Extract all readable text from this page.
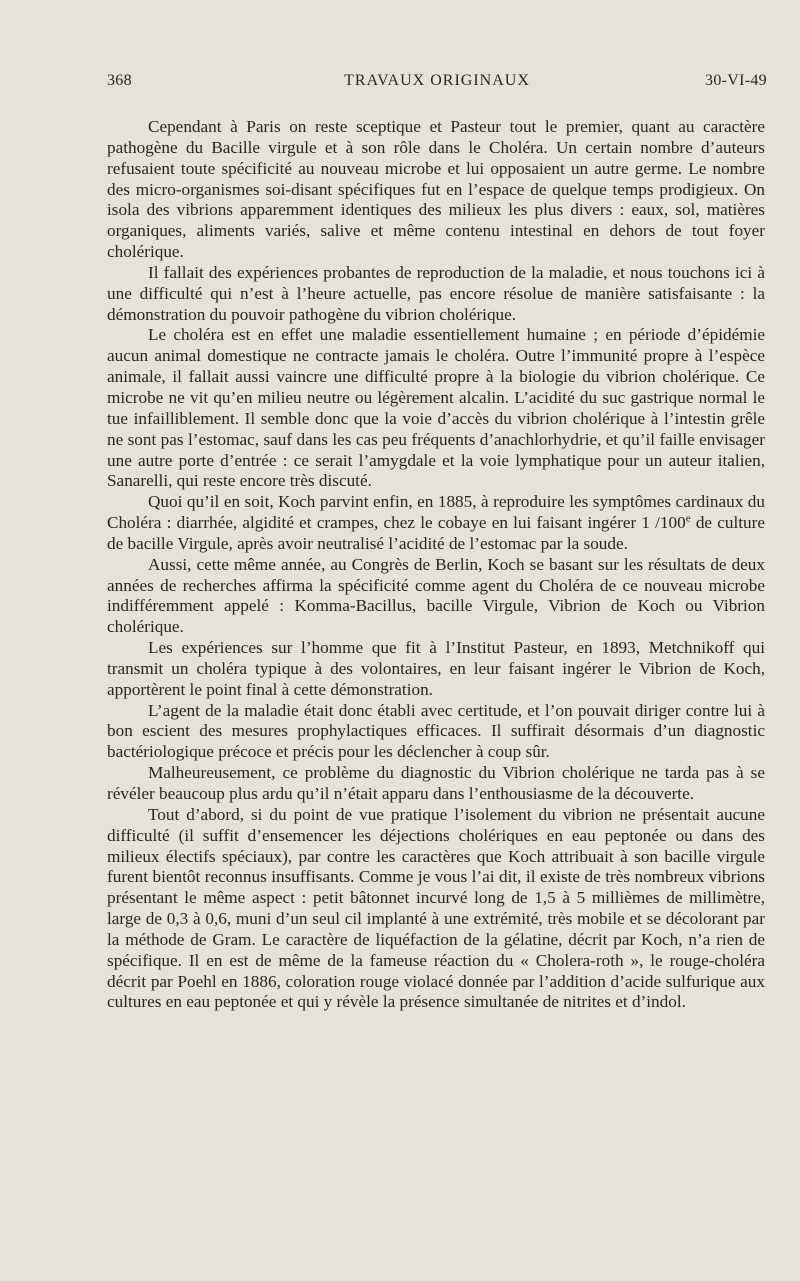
368	TRAVAUX ORIGINAUX	30-VI-49

Cependant à Paris on reste sceptique et Pasteur tout le premier, quant au caractère pathogène du Bacille virgule et à son rôle dans le Choléra. Un certain nombre d’auteurs refusaient toute spécificité au nouveau microbe et lui opposaient un autre germe. Le nombre des micro-organismes soi-disant spécifiques fut en l’espace de quelque temps prodigieux. On isola des vibrions apparemment identiques des milieux les plus divers : eaux, sol, matières organiques, aliments variés, salive et même contenu intestinal en dehors de tout foyer cholérique.

Il fallait des expériences probantes de reproduction de la maladie, et nous touchons ici à une difficulté qui n’est à l’heure actuelle, pas encore résolue de manière satisfaisante : la démonstration du pouvoir pathogène du vibrion cholérique.

Le choléra est en effet une maladie essentiellement humaine ; en période d’épidémie aucun animal domestique ne contracte jamais le choléra. Outre l’immunité propre à l’espèce animale, il fallait aussi vaincre une difficulté propre à la biologie du vibrion cholérique. Ce microbe ne vit qu’en milieu neutre ou légèrement alcalin. L’acidité du suc gastrique normal le tue infailliblement. Il semble donc que la voie d’accès du vibrion cholérique à l’intestin grêle ne sont pas l’estomac, sauf dans les cas peu fréquents d’anachlorhydrie, et qu’il faille envisager une autre porte d’entrée : ce serait l’amygdale et la voie lymphatique pour un auteur italien, Sanarelli, qui reste encore très discuté.

Quoi qu’il en soit, Koch parvint enfin, en 1885, à reproduire les symptômes cardinaux du Choléra : diarrhée, algidité et crampes, chez le cobaye en lui faisant ingérer 1 /100e de culture de bacille Virgule, après avoir neutralisé l’acidité de l’estomac par la soude.

Aussi, cette même année, au Congrès de Berlin, Koch se basant sur les résultats de deux années de recherches affirma la spécificité comme agent du Choléra de ce nouveau microbe indifféremment appelé : Komma-Bacillus, bacille Virgule, Vibrion de Koch ou Vibrion cholérique.

Les expériences sur l’homme que fit à l’Institut Pasteur, en 1893, Metchnikoff qui transmit un choléra typique à des volontaires, en leur faisant ingérer le Vibrion de Koch, apportèrent le point final à cette démonstration.

L’agent de la maladie était donc établi avec certitude, et l’on pouvait diriger contre lui à bon escient des mesures prophylactiques efficaces. Il suffirait désormais d’un diagnostic bactériologique précoce et précis pour les déclencher à coup sûr.

Malheureusement, ce problème du diagnostic du Vibrion cholérique ne tarda pas à se révéler beaucoup plus ardu qu’il n’était apparu dans l’enthousiasme de la découverte.

Tout d’abord, si du point de vue pratique l’isolement du vibrion ne présentait aucune difficulté (il suffit d’ensemencer les déjections cholériques en eau peptonée ou dans des milieux électifs spéciaux), par contre les caractères que Koch attribuait à son bacille virgule furent bientôt reconnus insuffisants. Comme je vous l’ai dit, il existe de très nombreux vibrions présentant le même aspect : petit bâtonnet incurvé long de 1,5 à 5 millièmes de millimètre, large de 0,3 à 0,6, muni d’un seul cil implanté à une extrémité, très mobile et se décolorant par la méthode de Gram. Le caractère de liquéfaction de la gélatine, décrit par Koch, n’a rien de spécifique. Il en est de même de la fameuse réaction du « Cholera-roth », le rouge-choléra décrit par Poehl en 1886, coloration rouge violacé donnée par l’addition d’acide sulfurique aux cultures en eau peptonée et qui y révèle la présence simultanée de nitrites et d’indol.
